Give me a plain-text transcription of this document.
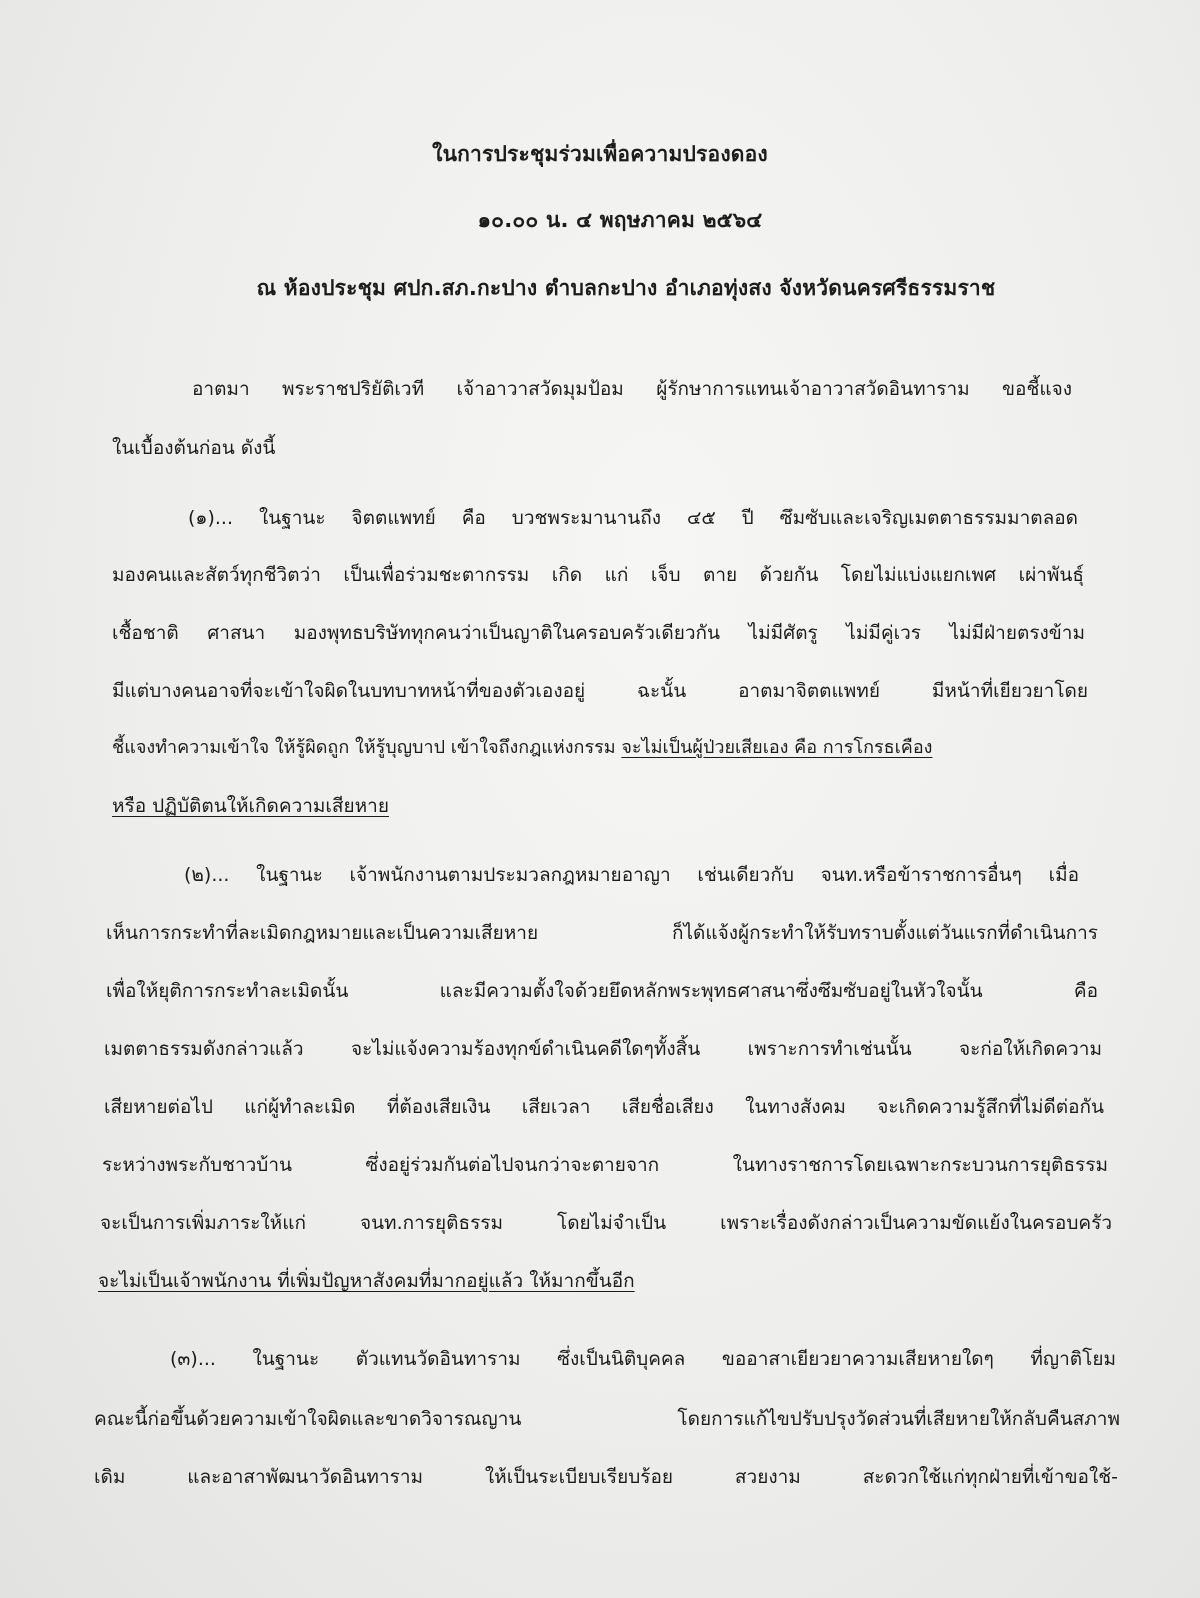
ในการประชุมร่วมเพื่อความปรองดอง
๑๐.๐๐ น. ๔ พฤษภาคม ๒๕๖๔
ณ ห้องประชุม ศปก.สภ.กะปาง ตำบลกะปาง อำเภอทุ่งสง จังหวัดนครศรีธรรมราช
อาตมา พระราชปริยัติเวที เจ้าอาวาสวัดมุมป้อม ผู้รักษาการแทนเจ้าอาวาสวัดอินทาราม ขอชี้แจง
ในเบื้องต้นก่อน ดังนี้
(๑)... ในฐานะ จิตตแพทย์ คือ บวชพระมานานถึง ๔๕ ปี ซึมซับและเจริญเมตตาธรรมมาตลอด
มองคนและสัตว์ทุกชีวิตว่า เป็นเพื่อร่วมชะตากรรม เกิด แก่ เจ็บ ตาย ด้วยกัน โดยไม่แบ่งแยกเพศ เผ่าพันธุ์
เชื้อชาติ ศาสนา มองพุทธบริษัททุกคนว่าเป็นญาติในครอบครัวเดียวกัน ไม่มีศัตรู ไม่มีคู่เวร ไม่มีฝ่ายตรงข้าม
มีแต่บางคนอาจที่จะเข้าใจผิดในบทบาทหน้าที่ของตัวเองอยู่ ฉะนั้น อาตมาจิตตแพทย์ มีหน้าที่เยียวยาโดย
ชี้แจงทำความเข้าใจ ให้รู้ผิดถูก ให้รู้บุญบาป เข้าใจถึงกฎแห่งกรรม จะไม่เป็นผู้ป่วยเสียเอง คือ การโกรธเคือง
หรือ ปฏิบัติตนให้เกิดความเสียหาย
(๒)... ในฐานะ เจ้าพนักงานตามประมวลกฎหมายอาญา เช่นเดียวกับ จนท.หรือข้าราชการอื่นๆ เมื่อ
เห็นการกระทำที่ละเมิดกฎหมายและเป็นความเสียหาย ก็ได้แจ้งผู้กระทำให้รับทราบตั้งแต่วันแรกที่ดำเนินการ
เพื่อให้ยุติการกระทำละเมิดนั้น และมีความตั้งใจด้วยยึดหลักพระพุทธศาสนาซึ่งซึมซับอยู่ในหัวใจนั้น คือ
เมตตาธรรมดังกล่าวแล้ว จะไม่แจ้งความร้องทุกข์ดำเนินคดีใดๆทั้งสิ้น เพราะการทำเช่นนั้น จะก่อให้เกิดความ
เสียหายต่อไป แก่ผู้ทำละเมิด ที่ต้องเสียเงิน เสียเวลา เสียชื่อเสียง ในทางสังคม จะเกิดความรู้สึกที่ไม่ดีต่อกัน
ระหว่างพระกับชาวบ้าน ซึ่งอยู่ร่วมกันต่อไปจนกว่าจะตายจาก ในทางราชการโดยเฉพาะกระบวนการยุติธรรม
จะเป็นการเพิ่มภาระให้แก่ จนท.การยุติธรรม โดยไม่จำเป็น เพราะเรื่องดังกล่าวเป็นความขัดแย้งในครอบครัว
จะไม่เป็นเจ้าพนักงาน ที่เพิ่มปัญหาสังคมที่มากอยู่แล้ว ให้มากขึ้นอีก
(๓)... ในฐานะ ตัวแทนวัดอินทาราม ซึ่งเป็นนิติบุคคล ขออาสาเยียวยาความเสียหายใดๆ ที่ญาติโยม
คณะนี้ก่อขึ้นด้วยความเข้าใจผิดและขาดวิจารณญาน โดยการแก้ไขปรับปรุงวัดส่วนที่เสียหายให้กลับคืนสภาพ
เดิม และอาสาพัฒนาวัดอินทาราม ให้เป็นระเบียบเรียบร้อย สวยงาม สะดวกใช้แก่ทุกฝ่ายที่เข้าขอใช้-
